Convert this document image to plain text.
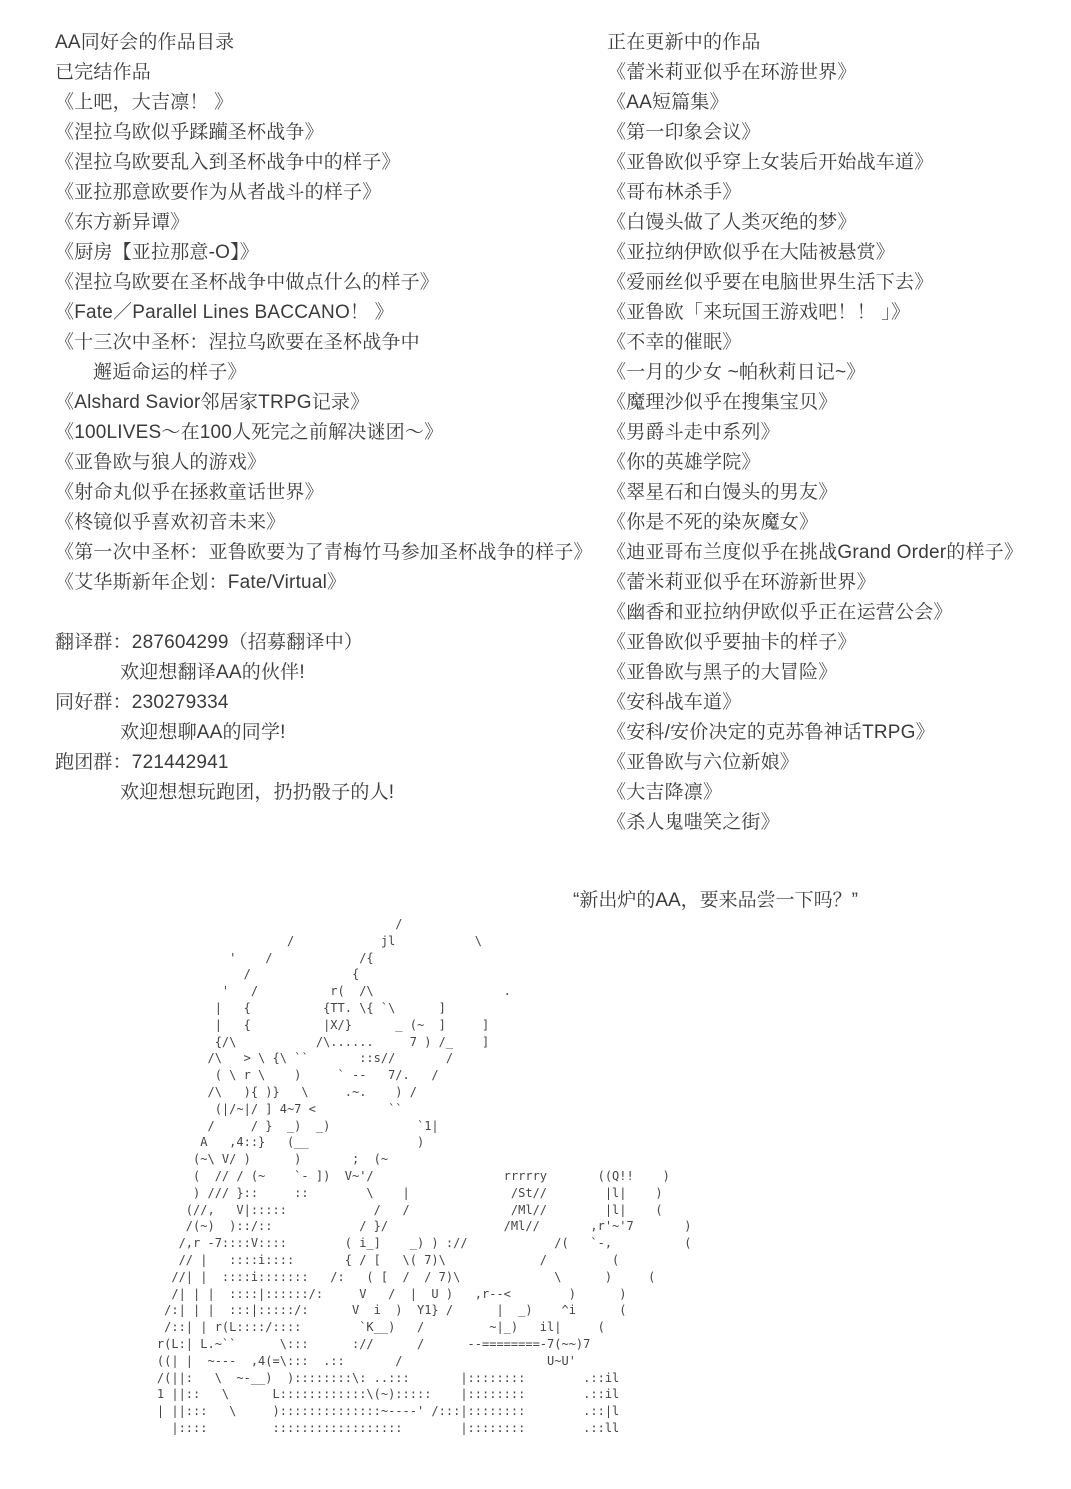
AA同好会的作品目录
已完结作品
《上吧，大吉凛！ 》
《涅拉乌欧似乎蹂躏圣杯战争》
《涅拉乌欧要乱入到圣杯战争中的样子》
《亚拉那意欧要作为从者战斗的样子》
《东方新异谭》
《厨房【亚拉那意-O】》
《涅拉乌欧要在圣杯战争中做点什么的样子》
《Fate／Parallel Lines BACCANO！ 》
《十三次中圣杯：涅拉乌欧要在圣杯战争中
邂逅命运的样子》
《Alshard Savior邻居家TRPG记录》
《100LIVES～在100人死完之前解决谜团～》
《亚鲁欧与狼人的游戏》
《射命丸似乎在拯救童话世界》
《柊镜似乎喜欢初音未来》
《第一次中圣杯：亚鲁欧要为了青梅竹马参加圣杯战争的样子》
《艾华斯新年企划：Fate/Virtual》
翻译群：287604299（招募翻译中）
欢迎想翻译AA的伙伴!
同好群：230279334
欢迎想聊AA的同学!
跑团群：721442941
欢迎想想玩跑团，扔扔骰子的人!
正在更新中的作品
《蕾米莉亚似乎在环游世界》
《AA短篇集》
《第一印象会议》
《亚鲁欧似乎穿上女装后开始战车道》
《哥布林杀手》
《白馒头做了人类灭绝的梦》
《亚拉纳伊欧似乎在大陆被悬赏》
《爱丽丝似乎要在电脑世界生活下去》
《亚鲁欧「来玩国王游戏吧！！ 」》
《不幸的催眠》
《一月的少女 ~帕秋莉日记~》
《魔理沙似乎在搜集宝贝》
《男爵斗走中系列》
《你的英雄学院》
《翠星石和白馒头的男友》
《你是不死的染灰魔女》
《迪亚哥布兰度似乎在挑战Grand Order的样子》
《蕾米莉亚似乎在环游新世界》
《幽香和亚拉纳伊欧似乎正在运营公会》
《亚鲁欧似乎要抽卡的样子》
《亚鲁欧与黑子的大冒险》
《安科战车道》
《安科/安价决定的克苏鲁神话TRPG》
《亚鲁欧与六位新娘》
《大吉降凛》
《杀人鬼嗤笑之街》
“新出炉的AA，要来品尝一下吗？”
/
/            jl           \
'    /            /{
/              {
'   /          r(  /\                  .
|   {          {TT. \{ `\      ]
|   {          |X/}      _ (~  ]     ]
{/\           /\......     7 ) /_    ]
/\   > \ {\ ``       ::s//       /
( \ r \    )     ` --   7/.   /
/\   ){ )}   \     .~.    ) /
(|/~|/ ] 4~7 <          ``
/     / }  _)  _)            `1|
A   ,4::}   (__               )
(~\ V/ )      )       ;  (~
(  // / (~    `- ])  V~'/                  rrrrry       ((Q!!    )
) /// }::     ::        \    |              /St//        |l|    )
(//,   V|:::::            /   /              /Ml//        |l|    (
/(~)  )::/::            / }/                /Ml//       ,r'~'7       )
/,r -7::::V::::        ( i_]    _) ) ://            /(   `-,          (
// |   ::::i::::       { / [   \( 7)\             /         (
//| |  ::::i:::::::   /:   ( [  /  / 7)\             \      )     (
/| | |  ::::|::::::/:     V   /  |  U )   ,r--<        )      )
/:| | |  :::|:::::/:      V  i  )  Y1} /      |  _)    ^i      (
/::| | r(L::::/::::        `K__)   /         ~|_)   il|     (
r(L:| L.~``      \:::      ://      /      --========-7(~~)7
((| |  ~---  ,4(=\:::  .::       /                    U~U'
/(||:   \  ~-__)  )::::::::\: ..:::       |::::::::        .::il
1 ||::   \      L::::::::::::\(~):::::    |::::::::        .::il
| ||:::   \     )::::::::::::::~----' /:::|::::::::        .::|l
|::::         ::::::::::::::::::        |::::::::        .::ll
